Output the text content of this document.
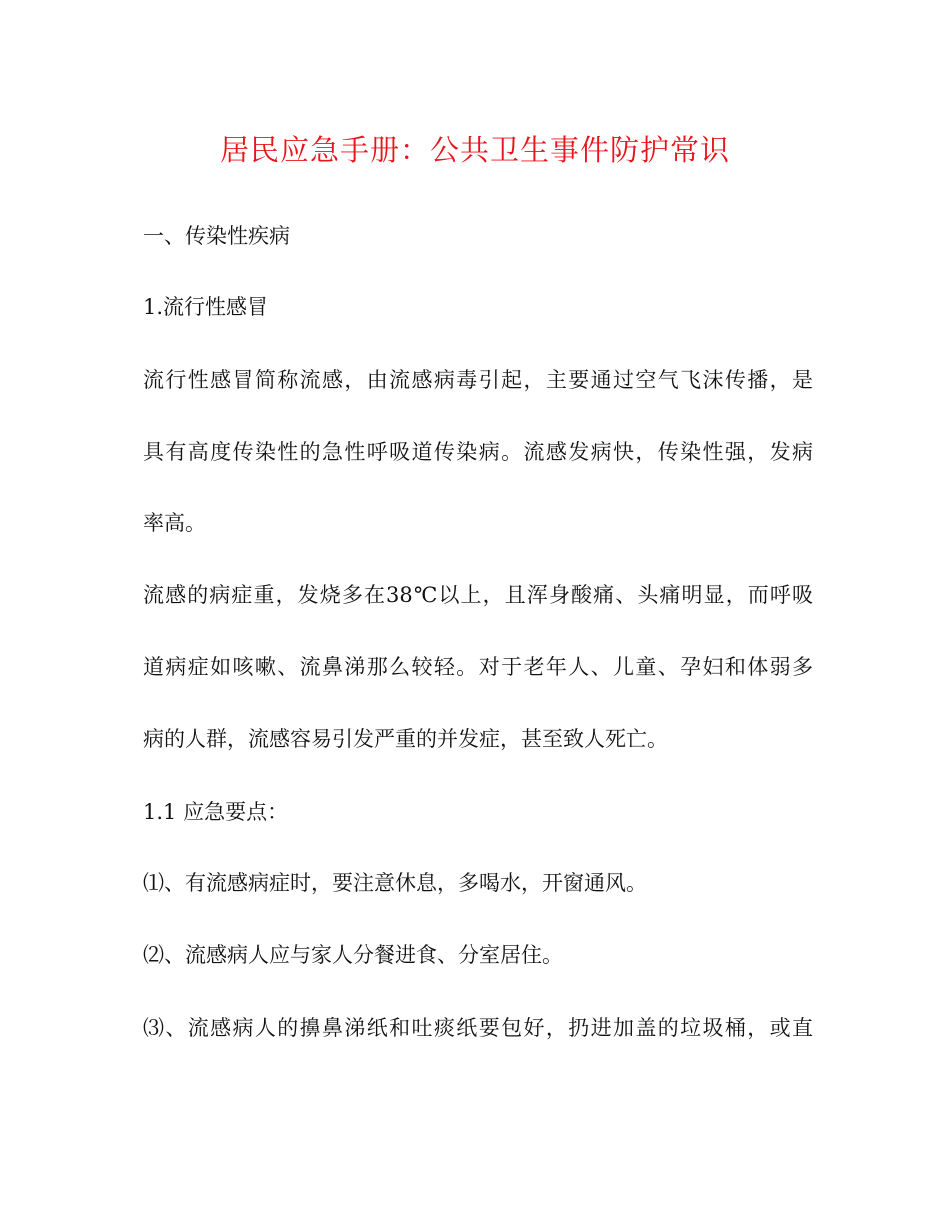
居民应急手册：公共卫生事件防护常识
一、传染性疾病
1.流行性感冒
流行性感冒简称流感，由流感病毒引起，主要通过空气飞沫传播，是
具有高度传染性的急性呼吸道传染病。流感发病快，传染性强，发病
率高。
流感的病症重，发烧多在38℃以上，且浑身酸痛、头痛明显，而呼吸
道病症如咳嗽、流鼻涕那么较轻。对于老年人、儿童、孕妇和体弱多
病的人群，流感容易引发严重的并发症，甚至致人死亡。
1.1 应急要点：
⑴、有流感病症时，要注意休息，多喝水，开窗通风。
⑵、流感病人应与家人分餐进食、分室居住。
⑶、流感病人的擤鼻涕纸和吐痰纸要包好，扔进加盖的垃圾桶，或直
